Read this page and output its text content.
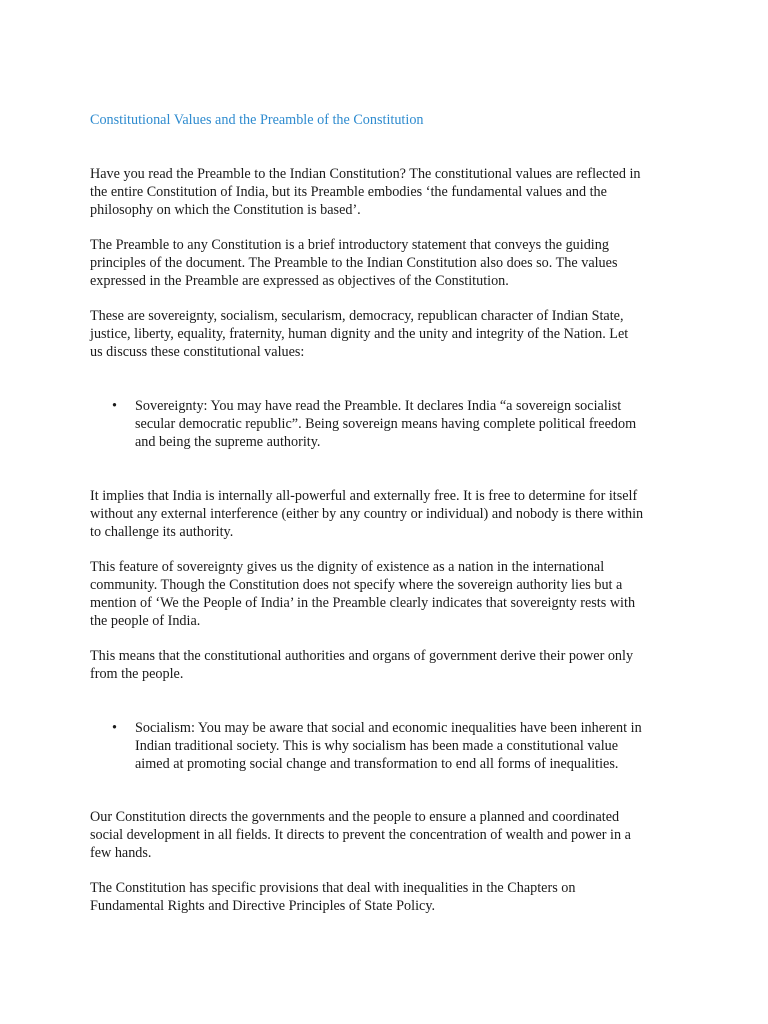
Constitutional Values and the Preamble of the Constitution

Have you read the Preamble to the Indian Constitution? The constitutional values are reflected in
the entire Constitution of India, but its Preamble embodies ‘the fundamental values and the
philosophy on which the Constitution is based’.

The Preamble to any Constitution is a brief introductory statement that conveys the guiding
principles of the document. The Preamble to the Indian Constitution also does so. The values
expressed in the Preamble are expressed as objectives of the Constitution.

These are sovereignty, socialism, secularism, democracy, republican character of Indian State,
justice, liberty, equality, fraternity, human dignity and the unity and integrity of the Nation. Let
us discuss these constitutional values:

•	Sovereignty: You may have read the Preamble. It declares India “a sovereign socialist
secular democratic republic”. Being sovereign means having complete political freedom
and being the supreme authority.

It implies that India is internally all-powerful and externally free. It is free to determine for itself
without any external interference (either by any country or individual) and nobody is there within
to challenge its authority.

This feature of sovereignty gives us the dignity of existence as a nation in the international
community. Though the Constitution does not specify where the sovereign authority lies but a
mention of ‘We the People of India’ in the Preamble clearly indicates that sovereignty rests with
the people of India.

This means that the constitutional authorities and organs of government derive their power only
from the people.

•	Socialism: You may be aware that social and economic inequalities have been inherent in
Indian traditional society. This is why socialism has been made a constitutional value
aimed at promoting social change and transformation to end all forms of inequalities.

Our Constitution directs the governments and the people to ensure a planned and coordinated
social development in all fields. It directs to prevent the concentration of wealth and power in a
few hands.

The Constitution has specific provisions that deal with inequalities in the Chapters on
Fundamental Rights and Directive Principles of State Policy.
